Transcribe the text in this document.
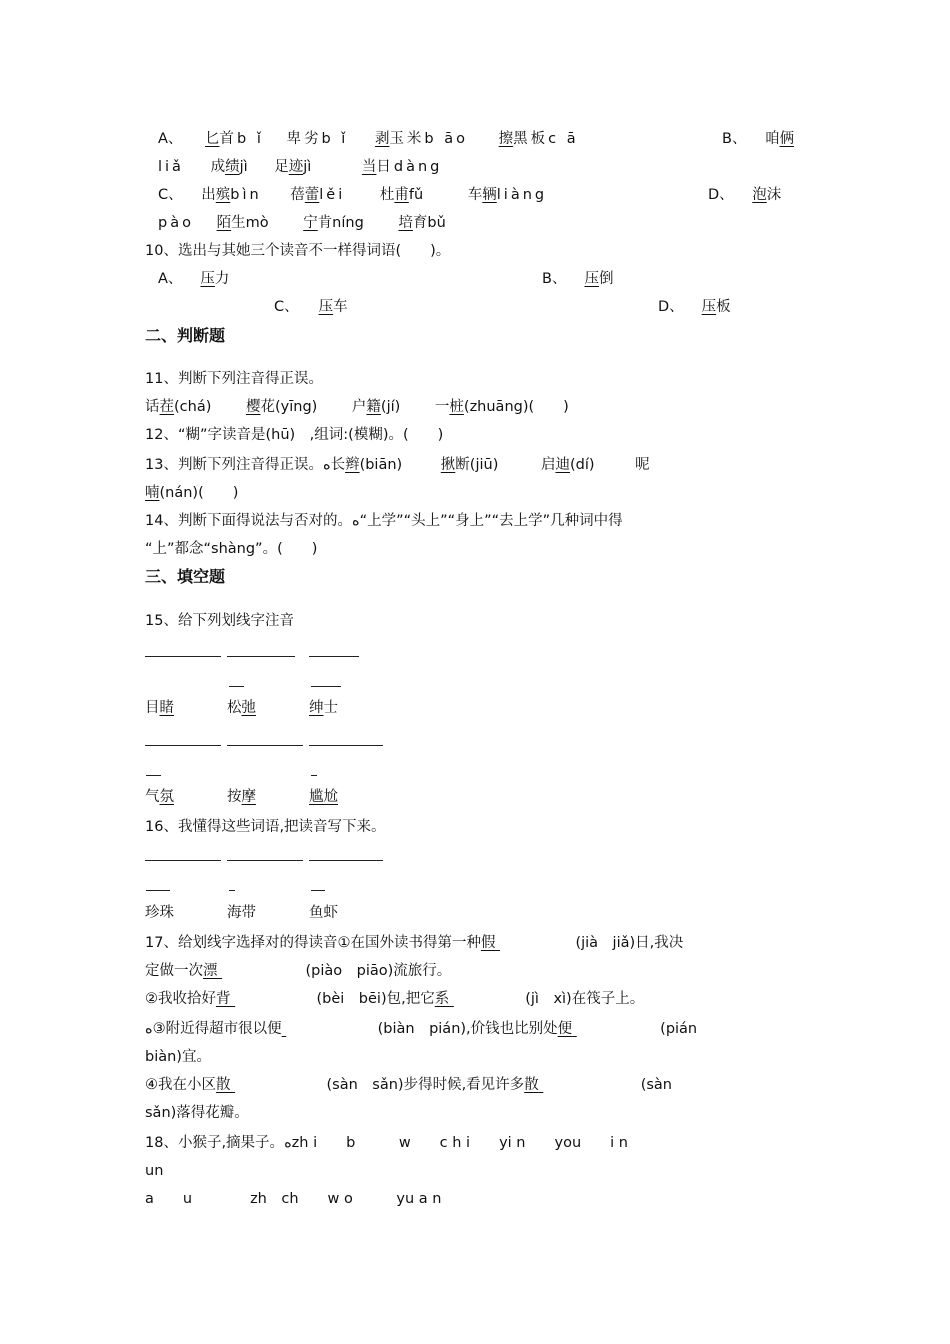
A、 匕首b ǐ 卑劣b ǐ 剥玉米b āo 擦黑板c ā	B、 咱俩
liǎ 成绩jì 足迹jì	当日dàng
C、 出殡bìn 蓓蕾lěi 杜甫fǔ	车辆liàng	D、 泡沫
pào 陌生mò 宁肯níng 培育bǔ
10、选出与其她三个读音不一样得词语(　　)。
A、 压力	B、 压倒
C、 压车	D、 压板
二、判断题
11、判断下列注音得正误。
话茬(chá) 樱花(yīng) 户籍(jí) 一桩(zhuāng)(　　)
12、“糊”字读音是(hū)　,组词:(模糊)。(　　)
13、判断下列注音得正误。ﻩ长辫(biān)	揪断(jiū)	启迪(dí)	呢
喃(nán)(　　)
14、判断下面得说法与否对的。ﻩ“上学”“头上”“身上”“去上学”几种词中得
“上”都念“shàng”。(　　)
三、填空题
15、给下列划线字注音
目睹	松弛	绅士
气氛	按摩	尴尬
16、我懂得这些词语,把读音写下来。
珍珠	海带	鱼虾
17、给划线字选择对的得读音①在国外读书得第一种假	(jià　jiǎ)日,我决
定做一次漂	(piào　piāo)流旅行。
②我收拾好背	(bèi　bēi)包,把它系	(jì　xì)在筏子上。
ﻩ③附近得超市很以便	(biàn　pián),价钱也比别处便	(pián
biàn)宜。
④我在小区散	(sàn　sǎn)步得时候,看见许多散	(sàn
sǎn)落得花瓣。
18、小猴子,摘果子。ﻩzh i　　b　　　w　　c h i　　yi n　　you　　i n
un
a　　u　　　　zh　ch　　w o　　　yu a n
